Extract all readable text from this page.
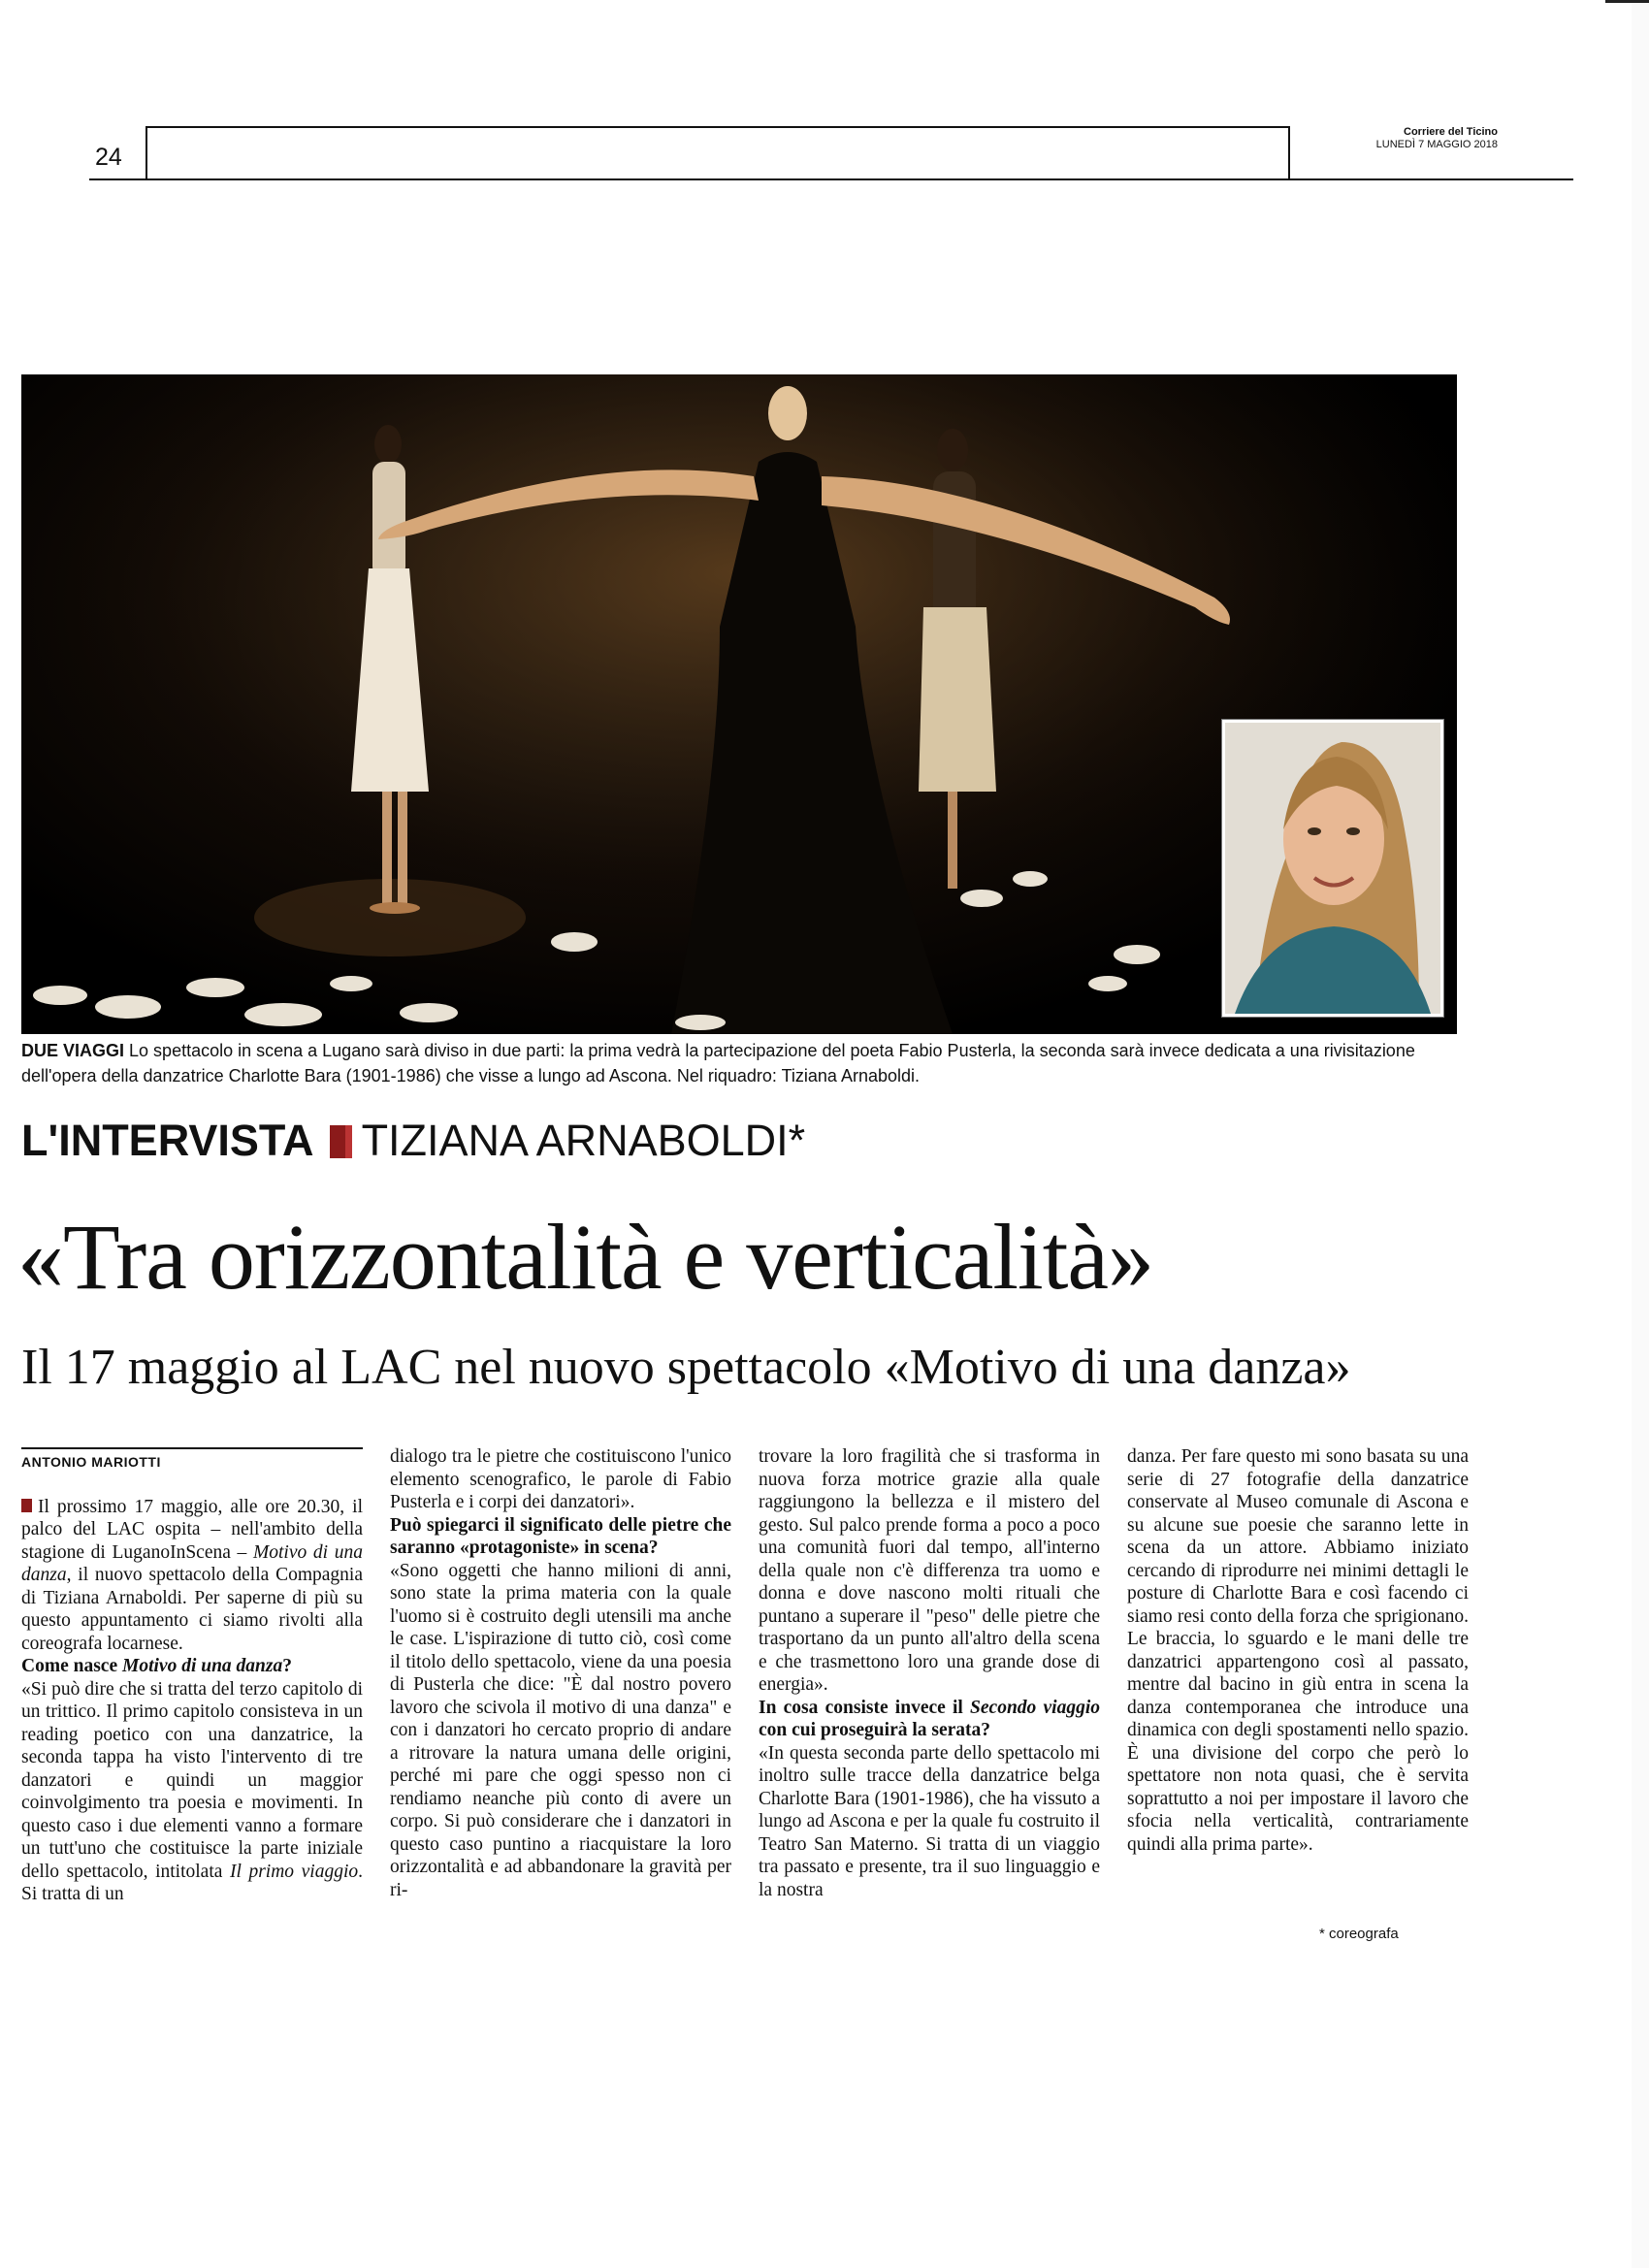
24
Corriere del Ticino
LUNEDÌ 7 MAGGIO 2018
DUE VIAGGI Lo spettacolo in scena a Lugano sarà diviso in due parti: la prima vedrà la partecipazione del poeta Fabio Pusterla, la seconda sarà invece dedicata a una rivisitazione dell'opera della danzatrice Charlotte Bara (1901-1986) che visse a lungo ad Ascona. Nel riquadro: Tiziana Arnaboldi.
L'INTERVISTA TIZIANA ARNABOLDI*
«Tra orizzontalità e verticalità»
Il 17 maggio al LAC nel nuovo spettacolo «Motivo di una danza»

ANTONIO MARIOTTI

Il prossimo 17 maggio, alle ore 20.30, il palco del LAC ospita – nell'ambito della stagione di LuganoInScena – Motivo di una danza, il nuovo spettacolo della Compagnia di Tiziana Arnaboldi. Per saperne di più su questo appuntamento ci siamo rivolti alla coreografa locarnese.

Come nasce Motivo di una danza?

«Si può dire che si tratta del terzo capitolo di un trittico. Il primo capitolo consisteva in un reading poetico con una danzatrice, la seconda tappa ha visto l'intervento di tre danzatori e quindi un maggior coinvolgimento tra poesia e movimenti. In questo caso i due elementi vanno a formare un tutt'uno che costituisce la parte iniziale dello spettacolo, intitolata Il primo viaggio. Si tratta di un

dialogo tra le pietre che costituiscono l'unico elemento scenografico, le parole di Fabio Pusterla e i corpi dei danzatori».

Può spiegarci il significato delle pietre che saranno «protagoniste» in scena?

«Sono oggetti che hanno milioni di anni, sono state la prima materia con la quale l'uomo si è costruito degli utensili ma anche le case. L'ispirazione di tutto ciò, così come il titolo dello spettacolo, viene da una poesia di Pusterla che dice: "È dal nostro povero lavoro che scivola il motivo di una danza" e con i danzatori ho cercato proprio di andare a ritrovare la natura umana delle origini, perché mi pare che oggi spesso non ci rendiamo neanche più conto di avere un corpo. Si può considerare che i danzatori in questo caso puntino a riacquistare la loro orizzontalità e ad abbandonare la gravità per ri-

trovare la loro fragilità che si trasforma in nuova forza motrice grazie alla quale raggiungono la bellezza e il mistero del gesto. Sul palco prende forma a poco a poco una comunità fuori dal tempo, all'interno della quale non c'è differenza tra uomo e donna e dove nascono molti rituali che puntano a superare il "peso" delle pietre che trasportano da un punto all'altro della scena e che trasmettono loro una grande dose di energia».

In cosa consiste invece il Secondo viaggio con cui proseguirà la serata?

«In questa seconda parte dello spettacolo mi inoltro sulle tracce della danzatrice belga Charlotte Bara (1901-1986), che ha vissuto a lungo ad Ascona e per la quale fu costruito il Teatro San Materno. Si tratta di un viaggio tra passato e presente, tra il suo linguaggio e la nostra

danza. Per fare questo mi sono basata su una serie di 27 fotografie della danzatrice conservate al Museo comunale di Ascona e su alcune sue poesie che saranno lette in scena da un attore. Abbiamo iniziato cercando di riprodurre nei minimi dettagli le posture di Charlotte Bara e così facendo ci siamo resi conto della forza che sprigionano. Le braccia, lo sguardo e le mani delle tre danzatrici appartengono così al passato, mentre dal bacino in giù entra in scena la danza contemporanea che introduce una dinamica con degli spostamenti nello spazio. È una divisione del corpo che però lo spettatore non nota quasi, che è servita soprattutto a noi per impostare il lavoro che sfocia nella verticalità, contrariamente quindi alla prima parte».

* coreografa
